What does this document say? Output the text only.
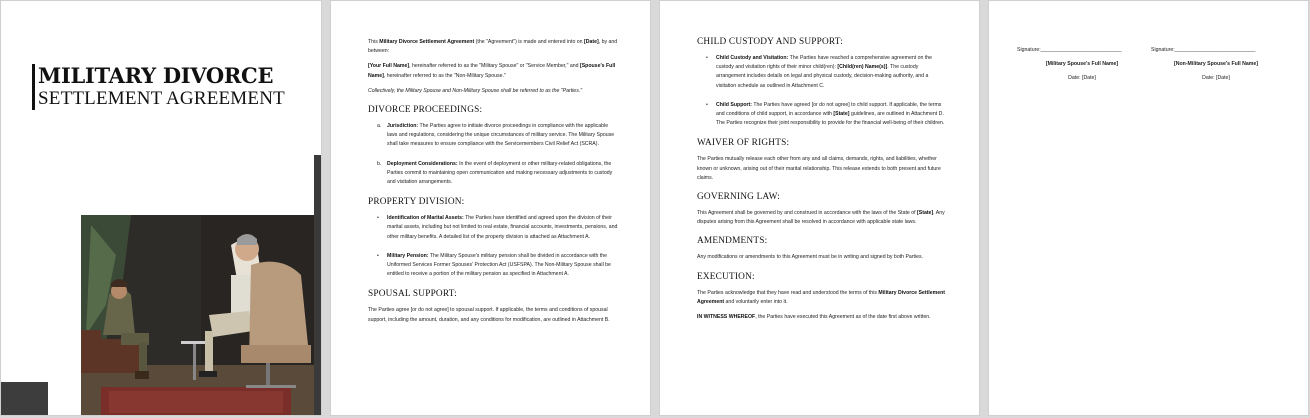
MILITARY DIVORCE
SETTLEMENT AGREEMENT
This Military Divorce Settlement Agreement (the "Agreement") is made and entered into on [Date], by and between:
[Your Full Name], hereinafter referred to as the "Military Spouse" or "Service Member," and [Spouse's Full Name], hereinafter referred to as the "Non-Military Spouse."
Collectively, the Military Spouse and Non-Military Spouse shall be referred to as the "Parties."
DIVORCE PROCEEDINGS:
a. Jurisdiction: The Parties agree to initiate divorce proceedings in compliance with the applicable laws and regulations, considering the unique circumstances of military service. The Military Spouse shall take measures to ensure compliance with the Servicemembers Civil Relief Act (SCRA).
b. Deployment Considerations: In the event of deployment or other military-related obligations, the Parties commit to maintaining open communication and making necessary adjustments to custody and visitation arrangements.
PROPERTY DIVISION:
• Identification of Marital Assets: The Parties have identified and agreed upon the division of their marital assets, including but not limited to real estate, financial accounts, investments, pensions, and other military benefits. A detailed list of the property division is attached as Attachment A.
• Military Pension: The Military Spouse's military pension shall be divided in accordance with the Uniformed Services Former Spouses' Protection Act (USFSPA). The Non-Military Spouse shall be entitled to receive a portion of the military pension as specified in Attachment A.
SPOUSAL SUPPORT:
The Parties agree [or do not agree] to spousal support. If applicable, the terms and conditions of spousal support, including the amount, duration, and any conditions for modification, are outlined in Attachment B.
CHILD CUSTODY AND SUPPORT:
• Child Custody and Visitation: The Parties have reached a comprehensive agreement on the custody and visitation rights of their minor child(ren): [Child(ren) Name(s)]. The custody arrangement includes details on legal and physical custody, decision-making authority, and a visitation schedule as outlined in Attachment C.
• Child Support: The Parties have agreed [or do not agree] to child support. If applicable, the terms and conditions of child support, in accordance with [State] guidelines, are outlined in Attachment D. The Parties recognize their joint responsibility to provide for the financial well-being of their children.
WAIVER OF RIGHTS:
The Parties mutually release each other from any and all claims, demands, rights, and liabilities, whether known or unknown, arising out of their marital relationship. This release extends to both present and future claims.
GOVERNING LAW:
This Agreement shall be governed by and construed in accordance with the laws of the State of [State]. Any disputes arising from this Agreement shall be resolved in accordance with applicable state laws.
AMENDMENTS:
Any modifications or amendments to this Agreement must be in writing and signed by both Parties.
EXECUTION:
The Parties acknowledge that they have read and understood the terms of this Military Divorce Settlement Agreement and voluntarily enter into it.
IN WITNESS WHEREOF, the Parties have executed this Agreement as of the date first above written.
Signature:____________________________
[Military Spouse's Full Name]
Date: [Date]
Signature:____________________________
[Non-Military Spouse's Full Name]
Date: [Date]
